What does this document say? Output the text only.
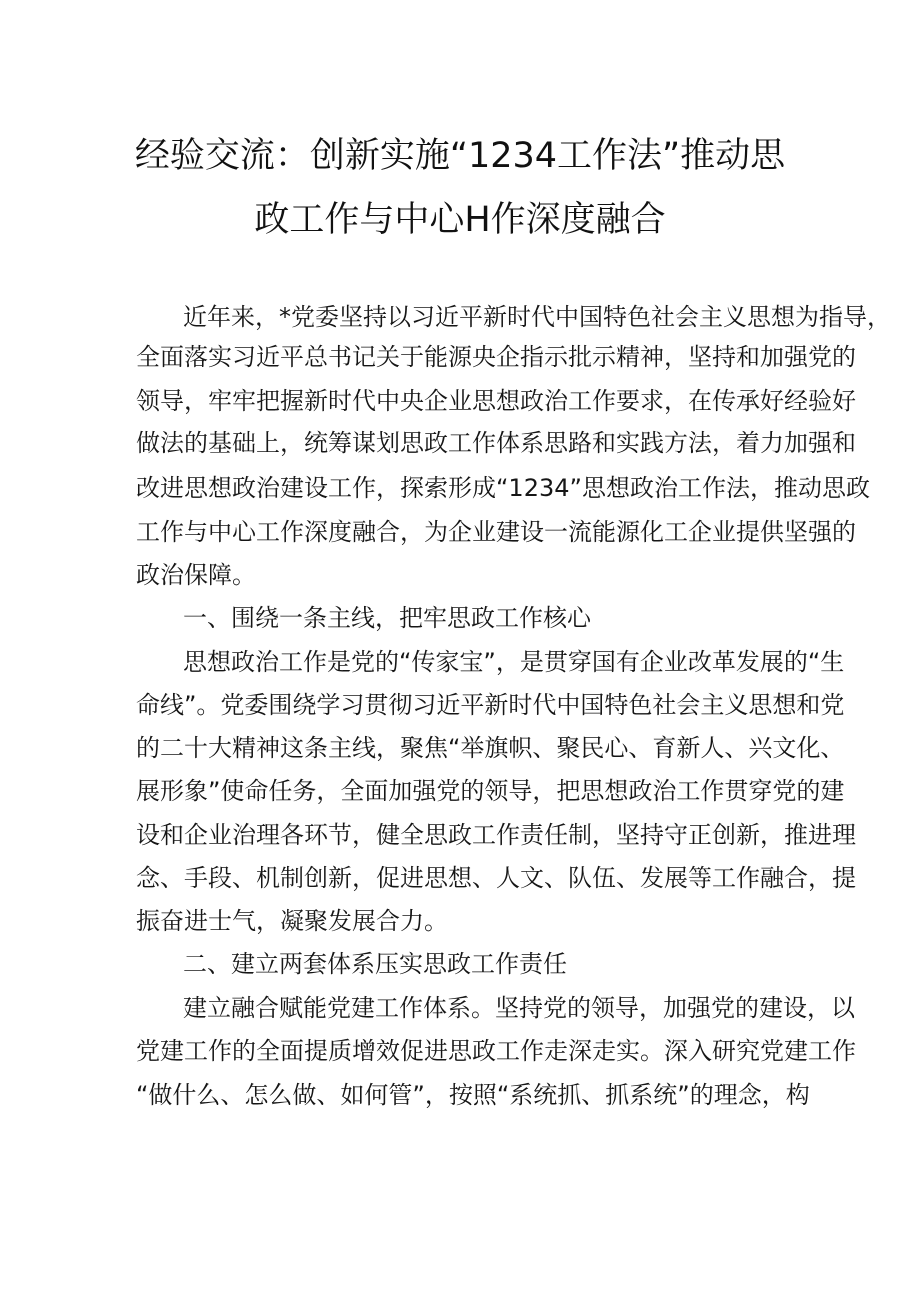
经验交流：创新实施“1234工作法”推动思
政工作与中心H作深度融合
近年来，*党委坚持以习近平新时代中国特色社会主义思想为指导，
全面落实习近平总书记关于能源央企指示批示精神，坚持和加强党的
领导，牢牢把握新时代中央企业思想政治工作要求，在传承好经验好
做法的基础上，统筹谋划思政工作体系思路和实践方法，着力加强和
改进思想政治建设工作，探索形成“1234”思想政治工作法，推动思政
工作与中心工作深度融合，为企业建设一流能源化工企业提供坚强的
政治保障。
一、围绕一条主线，把牢思政工作核心
思想政治工作是党的“传家宝”，是贯穿国有企业改革发展的“生
命线”。党委围绕学习贯彻习近平新时代中国特色社会主义思想和党
的二十大精神这条主线，聚焦“举旗帜、聚民心、育新人、兴文化、
展形象”使命任务，全面加强党的领导，把思想政治工作贯穿党的建
设和企业治理各环节，健全思政工作责任制，坚持守正创新，推进理
念、手段、机制创新，促进思想、人文、队伍、发展等工作融合，提
振奋进士气，凝聚发展合力。
二、建立两套体系压实思政工作责任
建立融合赋能党建工作体系。坚持党的领导，加强党的建设，以
党建工作的全面提质增效促进思政工作走深走实。深入研究党建工作
“做什么、怎么做、如何管”，按照“系统抓、抓系统”的理念，构
